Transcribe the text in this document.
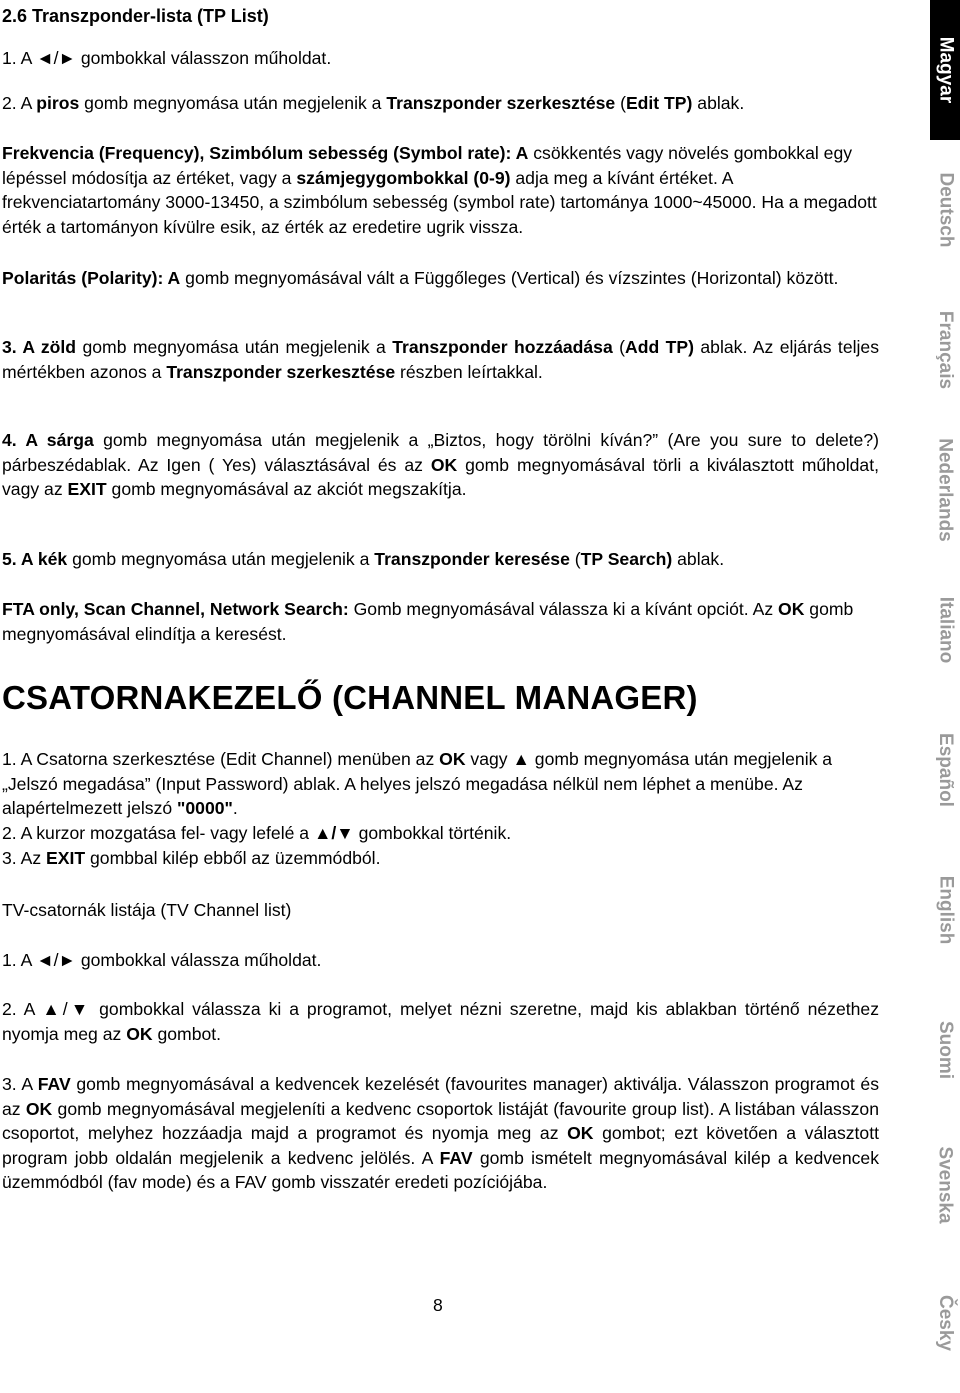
2.6 Transzponder-lista (TP List)

1. A ◄/► gombokkal válasszon műholdat.

2. A piros gomb megnyomása után megjelenik a Transzponder szerkesztése (Edit TP) ablak.

Frekvencia (Frequency), Szimbólum sebesség (Symbol rate): A csökkentés vagy növelés gombokkal egy lépéssel módosítja az értéket, vagy a számjegygombokkal (0-9) adja meg a kívánt értéket. A frekvenciatartomány 3000-13450, a szimbólum sebesség (symbol rate) tartománya 1000~45000. Ha a megadott érték a tartományon kívülre esik, az érték az eredetire ugrik vissza.

Polaritás (Polarity): A gomb megnyomásával vált a Függőleges (Vertical) és vízszintes (Horizontal) között.

3. A zöld gomb megnyomása után megjelenik a Transzponder hozzáadása (Add TP) ablak. Az eljárás teljes mértékben azonos a Transzponder szerkesztése részben leírtakkal.

4. A sárga gomb megnyomása után megjelenik a „Biztos, hogy törölni kíván?” (Are you sure to delete?) párbeszédablak. Az Igen ( Yes) választásával és az OK gomb megnyomásával törli a kiválasztott műholdat, vagy az EXIT gomb megnyomásával az akciót megszakítja.

5. A kék gomb megnyomása után megjelenik a Transzponder keresése (TP Search) ablak.

FTA only, Scan Channel, Network Search: Gomb megnyomásával válassza ki a kívánt opciót. Az OK gomb megnyomásával elindítja a keresést.

CSATORNAKEZELŐ (CHANNEL MANAGER)

1. A Csatorna szerkesztése (Edit Channel) menüben az OK vagy ▲ gomb megnyomása után megjelenik a „Jelszó megadása” (Input Password) ablak. A helyes jelszó megadása nélkül nem léphet a menübe. Az alapértelmezett jelszó "0000".

2. A kurzor mozgatása fel- vagy lefelé a ▲/▼ gombokkal történik.

3. Az EXIT gombbal kilép ebből az üzemmódból.

TV-csatornák listája (TV Channel list)

1. A ◄/► gombokkal válassza műholdat.

2. A ▲/▼ gombokkal válassza ki a programot, melyet nézni szeretne, majd kis ablakban történő nézethez nyomja meg az OK gombot.

3. A FAV gomb megnyomásával a kedvencek kezelését (favourites manager) aktiválja. Válasszon programot és az OK gomb megnyomásával megjeleníti a kedvenc csoportok listáját (favourite group list). A listában válasszon csoportot, melyhez hozzáadja majd a programot és nyomja meg az OK gombot; ezt követően a választott program jobb oldalán megjelenik a kedvenc jelölés. A FAV gomb ismételt megnyomásával kilép a kedvencek üzemmódból (fav mode) és a FAV gomb visszatér eredeti pozíciójába.

8
Magyar
Deutsch
Français
Nederlands
Italiano
Español
English
Suomi
Svenska
Česky
